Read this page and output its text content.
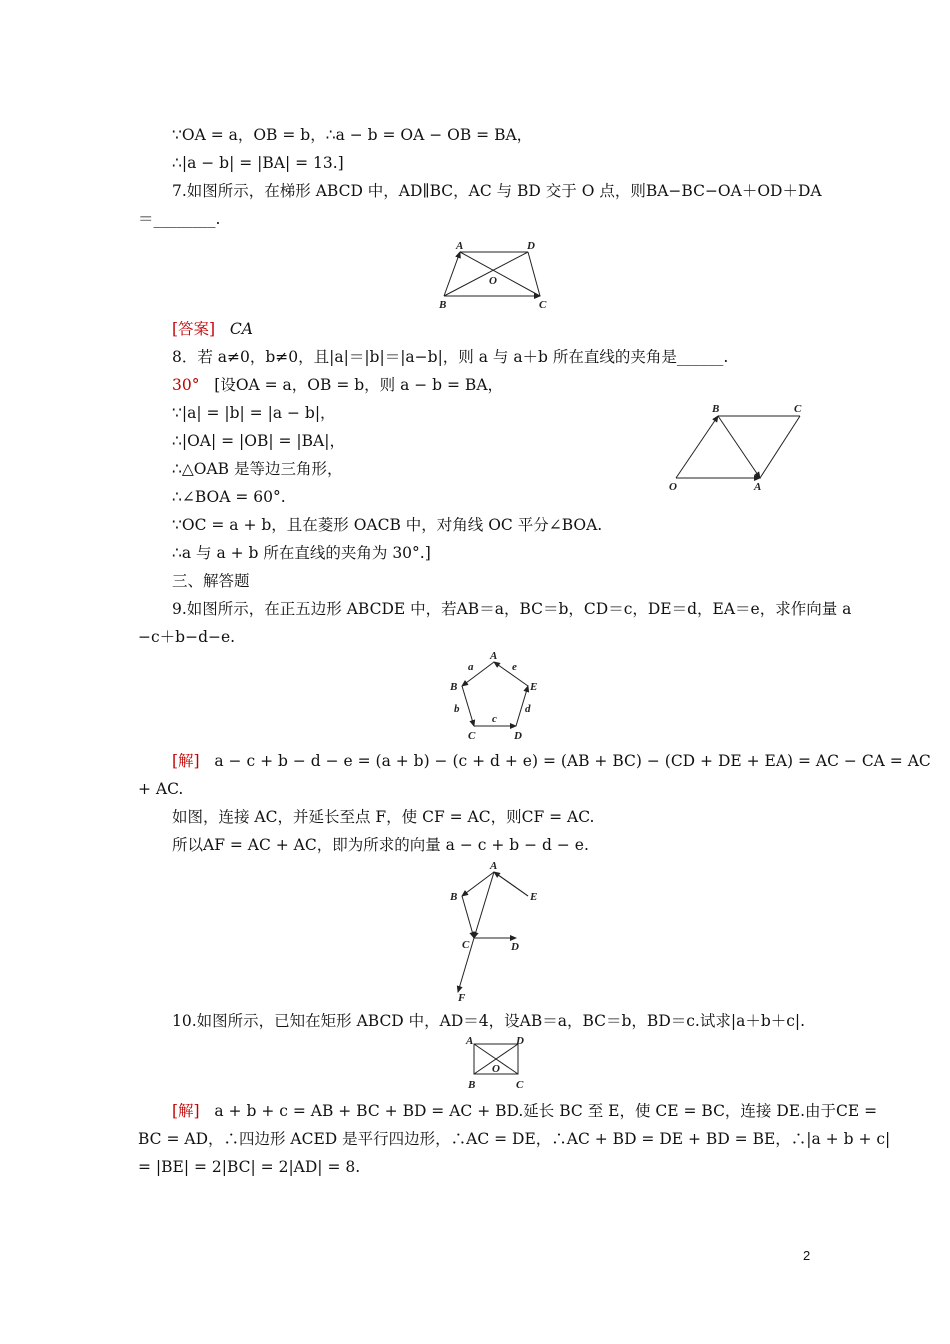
∵OA = a，OB = b，∴a − b = OA − OB = BA，
∴|a − b| = |BA| = 13.]
7.如图所示，在梯形 ABCD 中，AD∥BC，AC 与 BD 交于 O 点，则BA−BC−OA＋OD＋DA
＝________.
A	D
O
B	C
[答案] CA
8．若 a≠0，b≠0，且|a|＝|b|＝|a−b|，则 a 与 a＋b 所在直线的夹角是______.
30° [设OA = a，OB = b，则 a − b = BA，
∵|a| = |b| = |a − b|，
∴|OA| = |OB| = |BA|，
∴△OAB 是等边三角形，
∴∠BOA = 60°.
∵OC = a + b，且在菱形 OACB 中，对角线 OC 平分∠BOA.
∴a 与 a + b 所在直线的夹角为 30°.]
B	C
O	A
三、解答题
9.如图所示，在正五边形 ABCDE 中，若AB＝a，BC＝b，CD＝c，DE＝d，EA＝e，求作向量 a
−c＋b−d−e.
A
B
C	D
E
a
b
c
d
e
[解] a − c + b − d − e = (a + b) − (c + d + e) = (AB + BC) − (CD + DE + EA) = AC − CA = AC
+ AC.
如图，连接 AC，并延长至点 F，使 CF = AC，则CF = AC.
所以AF = AC + AC，即为所求的向量 a − c + b − d − e.
A
B
C	D
E
F
10.如图所示，已知在矩形 ABCD 中，AD＝4，设AB＝a，BC＝b，BD＝c.试求|a＋b＋c|.
A	D
O
B	C
[解] a + b + c = AB + BC + BD = AC + BD.延长 BC 至 E，使 CE = BC，连接 DE.由于CE =
BC = AD，∴四边形 ACED 是平行四边形，∴AC = DE，∴AC + BD = DE + BD = BE，∴|a + b + c|
= |BE| = 2|BC| = 2|AD| = 8.
2
